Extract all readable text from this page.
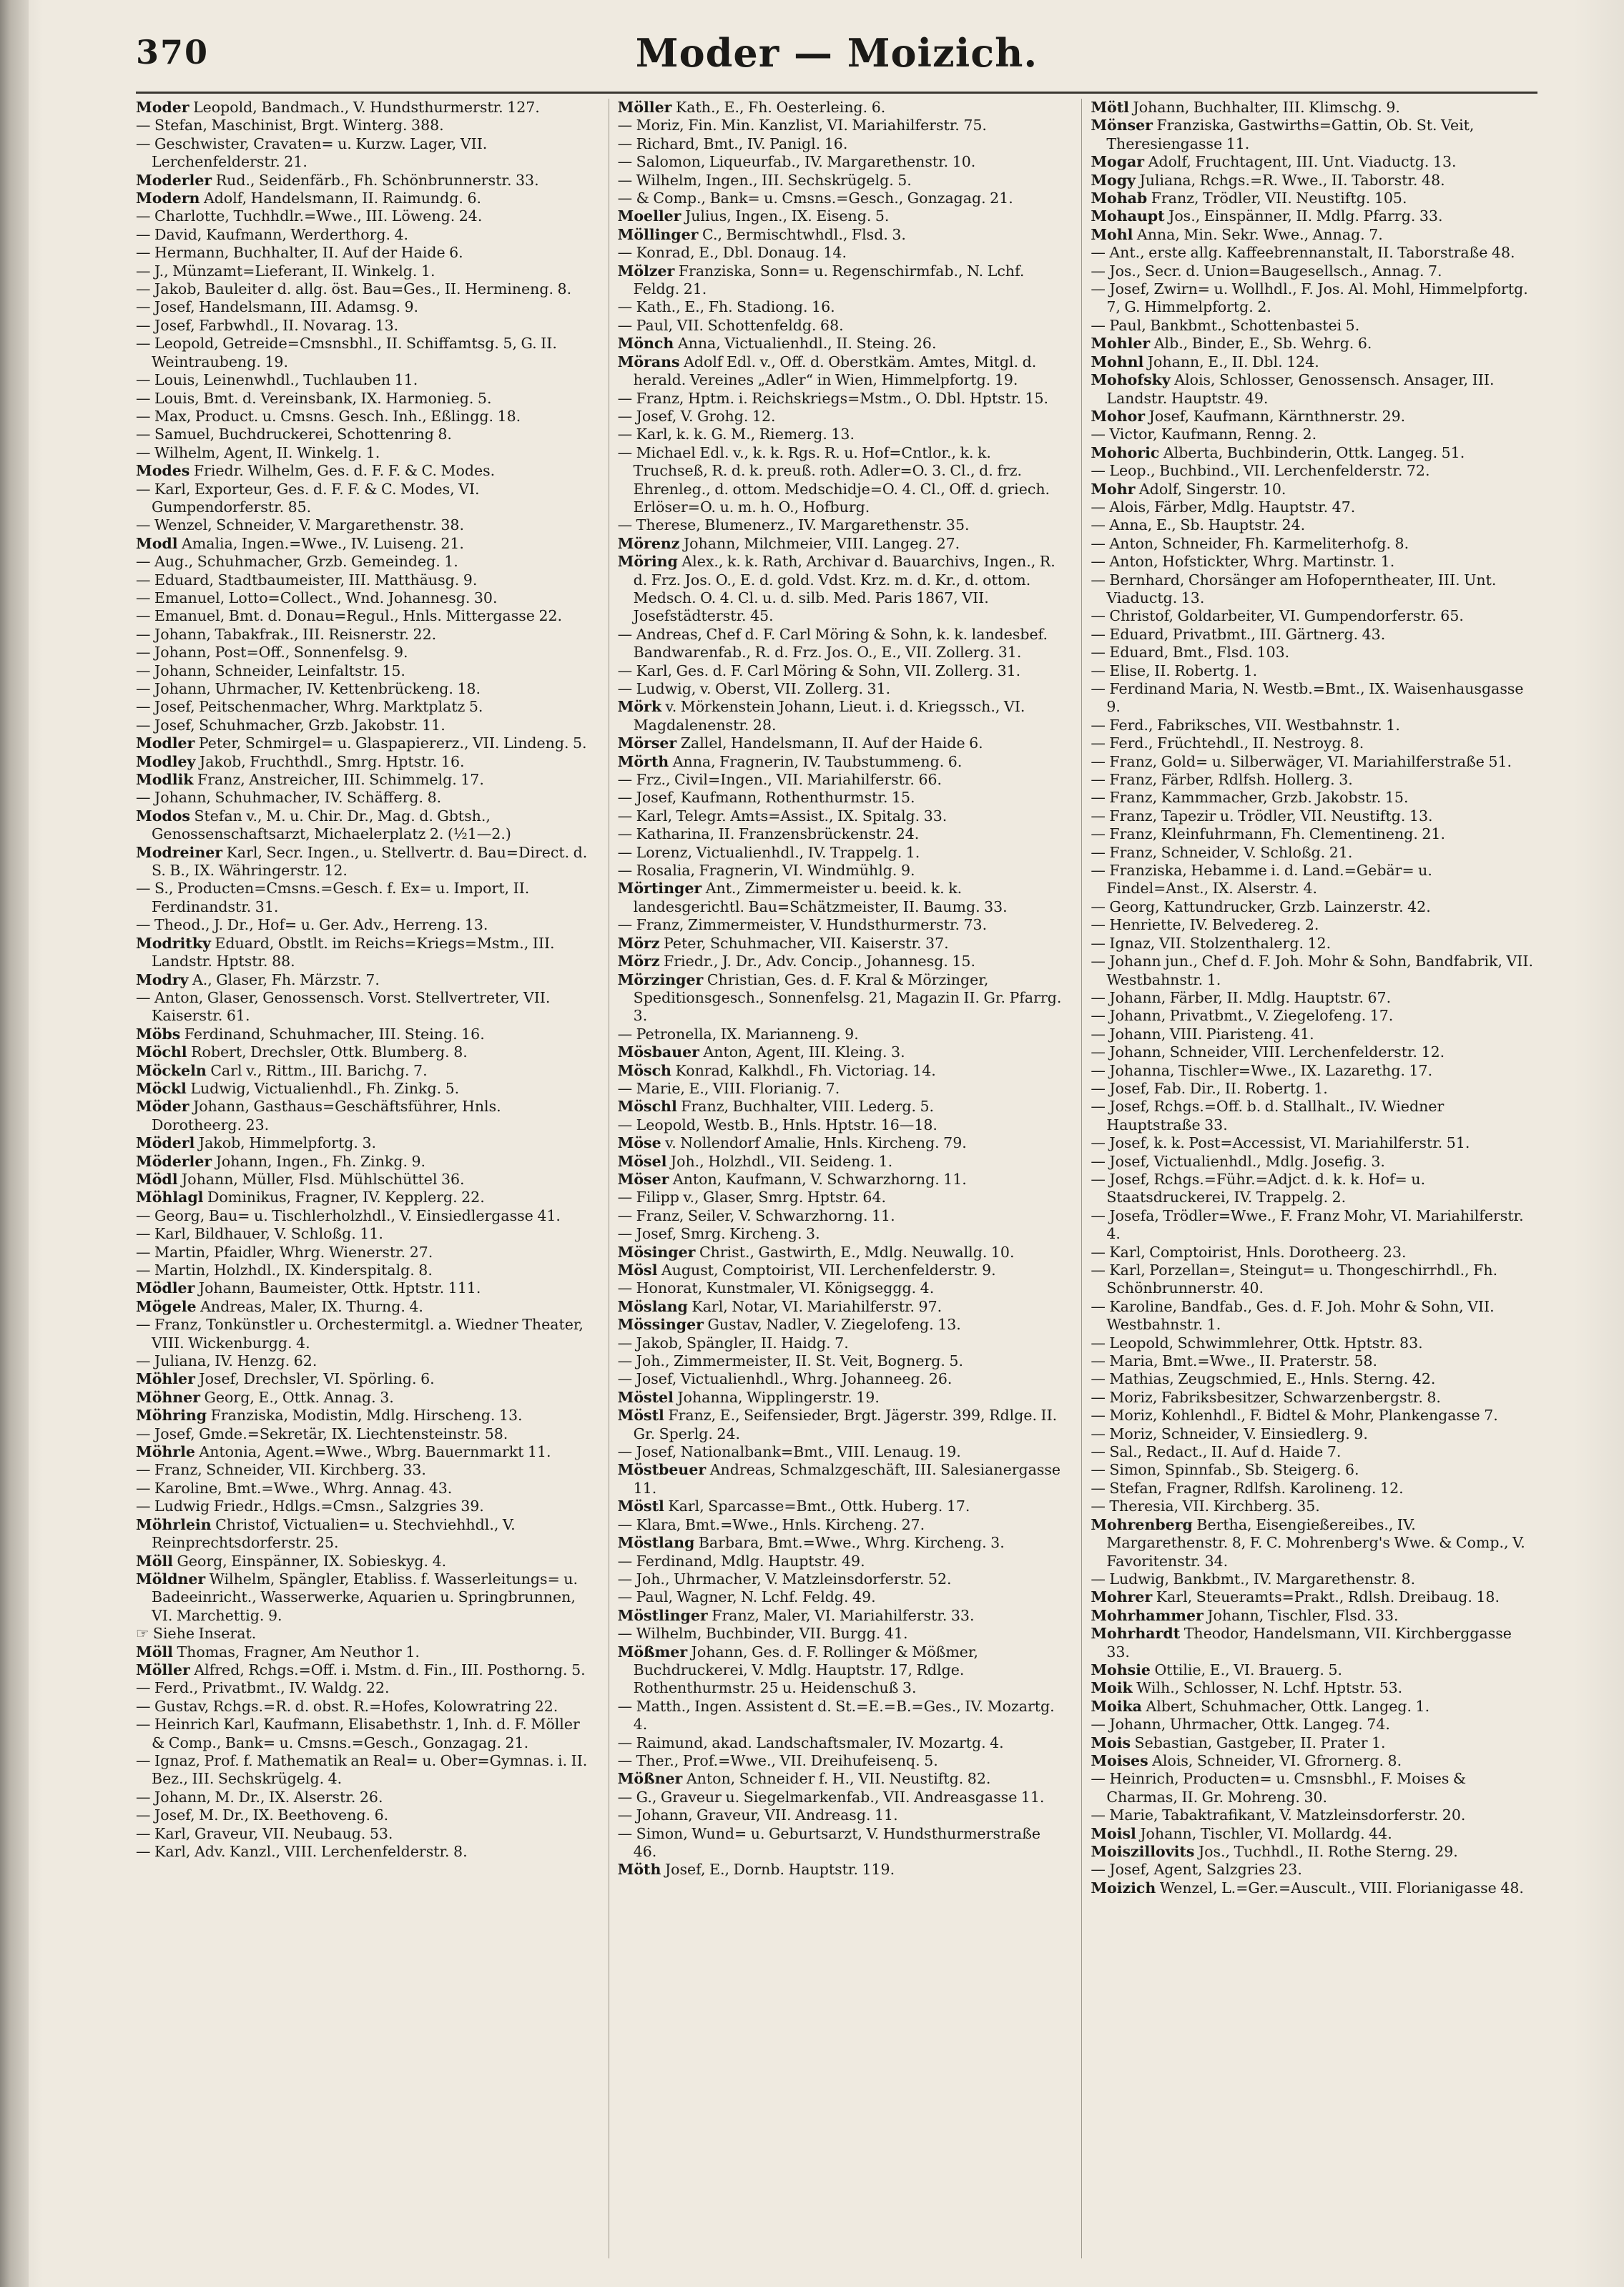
370	Moder — Moizich.
Moder Leopold, Bandmach., V. Hundsthurmerstr. 127.
— Stefan, Maschinist, Brgt. Winterg. 388.
— Geschwister, Cravaten= u. Kurzw. Lager, VII. Lerchenfelderstr. 21.
Moderler Rud., Seidenfärb., Fh. Schönbrunnerstr. 33.
Modern Adolf, Handelsmann, II. Raimundg. 6.
— Charlotte, Tuchhdlr.=Wwe., III. Löweng. 24.
— David, Kaufmann, Werderthorg. 4.
— Hermann, Buchhalter, II. Auf der Haide 6.
— J., Münzamt=Lieferant, II. Winkelg. 1.
— Jakob, Bauleiter d. allg. öst. Bau=Ges., II. Hermineng. 8.
— Josef, Handelsmann, III. Adamsg. 9.
— Josef, Farbwhdl., II. Novarag. 13.
— Leopold, Getreide=Cmsnsbhl., II. Schiffamtsg. 5, G. II. Weintraubeng. 19.
— Louis, Leinenwhdl., Tuchlauben 11.
— Louis, Bmt. d. Vereinsbank, IX. Harmonieg. 5.
— Max, Product. u. Cmsns. Gesch. Inh., Eßlingg. 18.
— Samuel, Buchdruckerei, Schottenring 8.
— Wilhelm, Agent, II. Winkelg. 1.
Modes Friedr. Wilhelm, Ges. d. F. F. & C. Modes.
— Karl, Exporteur, Ges. d. F. F. & C. Modes, VI. Gumpendorferstr. 85.
— Wenzel, Schneider, V. Margarethenstr. 38.
Modl Amalia, Ingen.=Wwe., IV. Luiseng. 21.
— Aug., Schuhmacher, Grzb. Gemeindeg. 1.
— Eduard, Stadtbaumeister, III. Matthäusg. 9.
— Emanuel, Lotto=Collect., Wnd. Johannesg. 30.
— Emanuel, Bmt. d. Donau=Regul., Hnls. Mittergasse 22.
— Johann, Tabakfrak., III. Reisnerstr. 22.
— Johann, Post=Off., Sonnenfelsg. 9.
— Johann, Schneider, Leinfaltstr. 15.
— Johann, Uhrmacher, IV. Kettenbrückeng. 18.
— Josef, Peitschenmacher, Whrg. Marktplatz 5.
— Josef, Schuhmacher, Grzb. Jakobstr. 11.
Modler Peter, Schmirgel= u. Glaspapiererz., VII. Lindeng. 5.
Modley Jakob, Fruchthdl., Smrg. Hptstr. 16.
Modlik Franz, Anstreicher, III. Schimmelg. 17.
— Johann, Schuhmacher, IV. Schäfferg. 8.
Modos Stefan v., M. u. Chir. Dr., Mag. d. Gbtsh., Genossenschaftsarzt, Michaelerplatz 2. (½1—2.)
Modreiner Karl, Secr. Ingen., u. Stellvertr. d. Bau=Direct. d. S. B., IX. Währingerstr. 12.
— S., Producten=Cmsns.=Gesch. f. Ex= u. Import, II. Ferdinandstr. 31.
— Theod., J. Dr., Hof= u. Ger. Adv., Herreng. 13.
Modritky Eduard, Obstlt. im Reichs=Kriegs=Mstm., III. Landstr. Hptstr. 88.
Modry A., Glaser, Fh. Märzstr. 7.
— Anton, Glaser, Genossensch. Vorst. Stellvertreter, VII. Kaiserstr. 61.
Möbs Ferdinand, Schuhmacher, III. Steing. 16.
Möchl Robert, Drechsler, Ottk. Blumberg. 8.
Möckeln Carl v., Rittm., III. Barichg. 7.
Möckl Ludwig, Victualienhdl., Fh. Zinkg. 5.
Möder Johann, Gasthaus=Geschäftsführer, Hnls. Dorotheerg. 23.
Möderl Jakob, Himmelpfortg. 3.
Möderler Johann, Ingen., Fh. Zinkg. 9.
Mödl Johann, Müller, Flsd. Mühlschüttel 36.
Möhlagl Dominikus, Fragner, IV. Kepplerg. 22.
— Georg, Bau= u. Tischlerholzhdl., V. Einsiedlergasse 41.
— Karl, Bildhauer, V. Schloßg. 11.
— Martin, Pfaidler, Whrg. Wienerstr. 27.
— Martin, Holzhdl., IX. Kinderspitalg. 8.
Mödler Johann, Baumeister, Ottk. Hptstr. 111.
Mögele Andreas, Maler, IX. Thurng. 4.
— Franz, Tonkünstler u. Orchestermitgl. a. Wiedner Theater, VIII. Wickenburgg. 4.
— Juliana, IV. Henzg. 62.
Möhler Josef, Drechsler, VI. Spörling. 6.
Möhner Georg, E., Ottk. Annag. 3.
Möhring Franziska, Modistin, Mdlg. Hirscheng. 13.
— Josef, Gmde.=Sekretär, IX. Liechtensteinstr. 58.
Möhrle Antonia, Agent.=Wwe., Wbrg. Bauernmarkt 11.
— Franz, Schneider, VII. Kirchberg. 33.
— Karoline, Bmt.=Wwe., Whrg. Annag. 43.
— Ludwig Friedr., Hdlgs.=Cmsn., Salzgries 39.
Möhrlein Christof, Victualien= u. Stechviehhdl., V. Reinprechtsdorferstr. 25.
Möll Georg, Einspänner, IX. Sobieskyg. 4.
Möldner Wilhelm, Spängler, Etabliss. f. Wasserleitungs= u. Badeeinricht., Wasserwerke, Aquarien u. Springbrunnen, VI. Marchettig. 9.
☞ Siehe Inserat.
Möll Thomas, Fragner, Am Neuthor 1.
Möller Alfred, Rchgs.=Off. i. Mstm. d. Fin., III. Posthorng. 5.
— Ferd., Privatbmt., IV. Waldg. 22.
— Gustav, Rchgs.=R. d. obst. R.=Hofes, Kolowratring 22.
— Heinrich Karl, Kaufmann, Elisabethstr. 1, Inh. d. F. Möller & Comp., Bank= u. Cmsns.=Gesch., Gonzagag. 21.
— Ignaz, Prof. f. Mathematik an Real= u. Ober=Gymnas. i. II. Bez., III. Sechskrügelg. 4.
— Johann, M. Dr., IX. Alserstr. 26.
— Josef, M. Dr., IX. Beethoveng. 6.
— Karl, Graveur, VII. Neubaug. 53.
— Karl, Adv. Kanzl., VIII. Lerchenfelderstr. 8.
Möller Kath., E., Fh. Oesterleing. 6.
— Moriz, Fin. Min. Kanzlist, VI. Mariahilferstr. 75.
— Richard, Bmt., IV. Panigl. 16.
— Salomon, Liqueurfab., IV. Margarethenstr. 10.
— Wilhelm, Ingen., III. Sechskrügelg. 5.
— & Comp., Bank= u. Cmsns.=Gesch., Gonzagag. 21.
Moeller Julius, Ingen., IX. Eiseng. 5.
Möllinger C., Bermischtwhdl., Flsd. 3.
— Konrad, E., Dbl. Donaug. 14.
Mölzer Franziska, Sonn= u. Regenschirmfab., N. Lchf. Feldg. 21.
— Kath., E., Fh. Stadiong. 16.
— Paul, VII. Schottenfeldg. 68.
Mönch Anna, Victualienhdl., II. Steing. 26.
Mörans Adolf Edl. v., Off. d. Oberstkäm. Amtes, Mitgl. d. herald. Vereines „Adler“ in Wien, Himmelpfortg. 19.
— Franz, Hptm. i. Reichskriegs=Mstm., O. Dbl. Hptstr. 15.
— Josef, V. Grohg. 12.
— Karl, k. k. G. M., Riemerg. 13.
— Michael Edl. v., k. k. Rgs. R. u. Hof=Cntlor., k. k. Truchseß, R. d. k. preuß. roth. Adler=O. 3. Cl., d. frz. Ehrenleg., d. ottom. Medschidje=O. 4. Cl., Off. d. griech. Erlöser=O. u. m. h. O., Hofburg.
— Therese, Blumenerz., IV. Margarethenstr. 35.
Mörenz Johann, Milchmeier, VIII. Langeg. 27.
Möring Alex., k. k. Rath, Archivar d. Bauarchivs, Ingen., R. d. Frz. Jos. O., E. d. gold. Vdst. Krz. m. d. Kr., d. ottom. Medsch. O. 4. Cl. u. d. silb. Med. Paris 1867, VII. Josefstädterstr. 45.
— Andreas, Chef d. F. Carl Möring & Sohn, k. k. landesbef. Bandwarenfab., R. d. Frz. Jos. O., E., VII. Zollerg. 31.
— Karl, Ges. d. F. Carl Möring & Sohn, VII. Zollerg. 31.
— Ludwig, v. Oberst, VII. Zollerg. 31.
Mörk v. Mörkenstein Johann, Lieut. i. d. Kriegssch., VI. Magdalenenstr. 28.
Mörser Zallel, Handelsmann, II. Auf der Haide 6.
Mörth Anna, Fragnerin, IV. Taubstummeng. 6.
— Frz., Civil=Ingen., VII. Mariahilferstr. 66.
— Josef, Kaufmann, Rothenthurmstr. 15.
— Karl, Telegr. Amts=Assist., IX. Spitalg. 33.
— Katharina, II. Franzensbrückenstr. 24.
— Lorenz, Victualienhdl., IV. Trappelg. 1.
— Rosalia, Fragnerin, VI. Windmühlg. 9.
Mörtinger Ant., Zimmermeister u. beeid. k. k. landesgerichtl. Bau=Schätzmeister, II. Baumg. 33.
— Franz, Zimmermeister, V. Hundsthurmerstr. 73.
Mörz Peter, Schuhmacher, VII. Kaiserstr. 37.
Mörz Friedr., J. Dr., Adv. Concip., Johannesg. 15.
Mörzinger Christian, Ges. d. F. Kral & Mörzinger, Speditionsgesch., Sonnenfelsg. 21, Magazin II. Gr. Pfarrg. 3.
— Petronella, IX. Marianneng. 9.
Mösbauer Anton, Agent, III. Kleing. 3.
Mösch Konrad, Kalkhdl., Fh. Victoriag. 14.
— Marie, E., VIII. Florianig. 7.
Möschl Franz, Buchhalter, VIII. Lederg. 5.
— Leopold, Westb. B., Hnls. Hptstr. 16—18.
Möse v. Nollendorf Amalie, Hnls. Kircheng. 79.
Mösel Joh., Holzhdl., VII. Seideng. 1.
Möser Anton, Kaufmann, V. Schwarzhorng. 11.
— Filipp v., Glaser, Smrg. Hptstr. 64.
— Franz, Seiler, V. Schwarzhorng. 11.
— Josef, Smrg. Kircheng. 3.
Mösinger Christ., Gastwirth, E., Mdlg. Neuwallg. 10.
Mösl August, Comptoirist, VII. Lerchenfelderstr. 9.
— Honorat, Kunstmaler, VI. Königseggg. 4.
Möslang Karl, Notar, VI. Mariahilferstr. 97.
Mössinger Gustav, Nadler, V. Ziegelofeng. 13.
— Jakob, Spängler, II. Haidg. 7.
— Joh., Zimmermeister, II. St. Veit, Bognerg. 5.
— Josef, Victualienhdl., Whrg. Johanneeg. 26.
Möstel Johanna, Wipplingerstr. 19.
Möstl Franz, E., Seifensieder, Brgt. Jägerstr. 399, Rdlge. II. Gr. Sperlg. 24.
— Josef, Nationalbank=Bmt., VIII. Lenaug. 19.
Möstbeuer Andreas, Schmalzgeschäft, III. Salesianergasse 11.
Möstl Karl, Sparcasse=Bmt., Ottk. Huberg. 17.
— Klara, Bmt.=Wwe., Hnls. Kircheng. 27.
Möstlang Barbara, Bmt.=Wwe., Whrg. Kircheng. 3.
— Ferdinand, Mdlg. Hauptstr. 49.
— Joh., Uhrmacher, V. Matzleinsdorferstr. 52.
— Paul, Wagner, N. Lchf. Feldg. 49.
Möstlinger Franz, Maler, VI. Mariahilferstr. 33.
— Wilhelm, Buchbinder, VII. Burgg. 41.
Mößmer Johann, Ges. d. F. Rollinger & Mößmer, Buchdruckerei, V. Mdlg. Hauptstr. 17, Rdlge. Rothenthurmstr. 25 u. Heidenschuß 3.
— Matth., Ingen. Assistent d. St.=E.=B.=Ges., IV. Mozartg. 4.
— Raimund, akad. Landschaftsmaler, IV. Mozartg. 4.
— Ther., Prof.=Wwe., VII. Dreihufeisenq. 5.
Mößner Anton, Schneider f. H., VII. Neustiftg. 82.
— G., Graveur u. Siegelmarkenfab., VII. Andreasgasse 11.
— Johann, Graveur, VII. Andreasg. 11.
— Simon, Wund= u. Geburtsarzt, V. Hundsthurmerstraße 46.
Möth Josef, E., Dornb. Hauptstr. 119.
Mötl Johann, Buchhalter, III. Klimschg. 9.
Mönser Franziska, Gastwirths=Gattin, Ob. St. Veit, Theresiengasse 11.
Mogar Adolf, Fruchtagent, III. Unt. Viaductg. 13.
Mogy Juliana, Rchgs.=R. Wwe., II. Taborstr. 48.
Mohab Franz, Trödler, VII. Neustiftg. 105.
Mohaupt Jos., Einspänner, II. Mdlg. Pfarrg. 33.
Mohl Anna, Min. Sekr. Wwe., Annag. 7.
— Ant., erste allg. Kaffeebrennanstalt, II. Taborstraße 48.
— Jos., Secr. d. Union=Baugesellsch., Annag. 7.
— Josef, Zwirn= u. Wollhdl., F. Jos. Al. Mohl, Himmelpfortg. 7, G. Himmelpfortg. 2.
— Paul, Bankbmt., Schottenbastei 5.
Mohler Alb., Binder, E., Sb. Wehrg. 6.
Mohnl Johann, E., II. Dbl. 124.
Mohofsky Alois, Schlosser, Genossensch. Ansager, III. Landstr. Hauptstr. 49.
Mohor Josef, Kaufmann, Kärnthnerstr. 29.
— Victor, Kaufmann, Renng. 2.
Mohoric Alberta, Buchbinderin, Ottk. Langeg. 51.
— Leop., Buchbind., VII. Lerchenfelderstr. 72.
Mohr Adolf, Singerstr. 10.
— Alois, Färber, Mdlg. Hauptstr. 47.
— Anna, E., Sb. Hauptstr. 24.
— Anton, Schneider, Fh. Karmeliterhofg. 8.
— Anton, Hofstickter, Whrg. Martinstr. 1.
— Bernhard, Chorsänger am Hofoperntheater, III. Unt. Viaductg. 13.
— Christof, Goldarbeiter, VI. Gumpendorferstr. 65.
— Eduard, Privatbmt., III. Gärtnerg. 43.
— Eduard, Bmt., Flsd. 103.
— Elise, II. Robertg. 1.
— Ferdinand Maria, N. Westb.=Bmt., IX. Waisenhausgasse 9.
— Ferd., Fabriksches, VII. Westbahnstr. 1.
— Ferd., Früchtehdl., II. Nestroyg. 8.
— Franz, Gold= u. Silberwäger, VI. Mariahilferstraße 51.
— Franz, Färber, Rdlfsh. Hollerg. 3.
— Franz, Kammmacher, Grzb. Jakobstr. 15.
— Franz, Tapezir u. Trödler, VII. Neustiftg. 13.
— Franz, Kleinfuhrmann, Fh. Clementineng. 21.
— Franz, Schneider, V. Schloßg. 21.
— Franziska, Hebamme i. d. Land.=Gebär= u. Findel=Anst., IX. Alserstr. 4.
— Georg, Kattundrucker, Grzb. Lainzerstr. 42.
— Henriette, IV. Belvedereg. 2.
— Ignaz, VII. Stolzenthalerg. 12.
— Johann jun., Chef d. F. Joh. Mohr & Sohn, Bandfabrik, VII. Westbahnstr. 1.
— Johann, Färber, II. Mdlg. Hauptstr. 67.
— Johann, Privatbmt., V. Ziegelofeng. 17.
— Johann, VIII. Piaristeng. 41.
— Johann, Schneider, VIII. Lerchenfelderstr. 12.
— Johanna, Tischler=Wwe., IX. Lazarethg. 17.
— Josef, Fab. Dir., II. Robertg. 1.
— Josef, Rchgs.=Off. b. d. Stallhalt., IV. Wiedner Hauptstraße 33.
— Josef, k. k. Post=Accessist, VI. Mariahilferstr. 51.
— Josef, Victualienhdl., Mdlg. Josefig. 3.
— Josef, Rchgs.=Führ.=Adjct. d. k. k. Hof= u. Staatsdruckerei, IV. Trappelg. 2.
— Josefa, Trödler=Wwe., F. Franz Mohr, VI. Mariahilferstr. 4.
— Karl, Comptoirist, Hnls. Dorotheerg. 23.
— Karl, Porzellan=, Steingut= u. Thongeschirrhdl., Fh. Schönbrunnerstr. 40.
— Karoline, Bandfab., Ges. d. F. Joh. Mohr & Sohn, VII. Westbahnstr. 1.
— Leopold, Schwimmlehrer, Ottk. Hptstr. 83.
— Maria, Bmt.=Wwe., II. Praterstr. 58.
— Mathias, Zeugschmied, E., Hnls. Sterng. 42.
— Moriz, Fabriksbesitzer, Schwarzenbergstr. 8.
— Moriz, Kohlenhdl., F. Bidtel & Mohr, Plankengasse 7.
— Moriz, Schneider, V. Einsiedlerg. 9.
— Sal., Redact., II. Auf d. Haide 7.
— Simon, Spinnfab., Sb. Steigerg. 6.
— Stefan, Fragner, Rdlfsh. Karolineng. 12.
— Theresia, VII. Kirchberg. 35.
Mohrenberg Bertha, Eisengießereibes., IV. Margarethenstr. 8, F. C. Mohrenberg's Wwe. & Comp., V. Favoritenstr. 34.
— Ludwig, Bankbmt., IV. Margarethenstr. 8.
Mohrer Karl, Steueramts=Prakt., Rdlsh. Dreibaug. 18.
Mohrhammer Johann, Tischler, Flsd. 33.
Mohrhardt Theodor, Handelsmann, VII. Kirchberggasse 33.
Mohsie Ottilie, E., VI. Brauerg. 5.
Moik Wilh., Schlosser, N. Lchf. Hptstr. 53.
Moika Albert, Schuhmacher, Ottk. Langeg. 1.
— Johann, Uhrmacher, Ottk. Langeg. 74.
Mois Sebastian, Gastgeber, II. Prater 1.
Moises Alois, Schneider, VI. Gfrornerg. 8.
— Heinrich, Producten= u. Cmsnsbhl., F. Moises & Charmas, II. Gr. Mohreng. 30.
— Marie, Tabaktrafikant, V. Matzleinsdorferstr. 20.
Moisl Johann, Tischler, VI. Mollardg. 44.
Moiszillovits Jos., Tuchhdl., II. Rothe Sterng. 29.
— Josef, Agent, Salzgries 23.
Moizich Wenzel, L.=Ger.=Auscult., VIII. Florianigasse 48.
